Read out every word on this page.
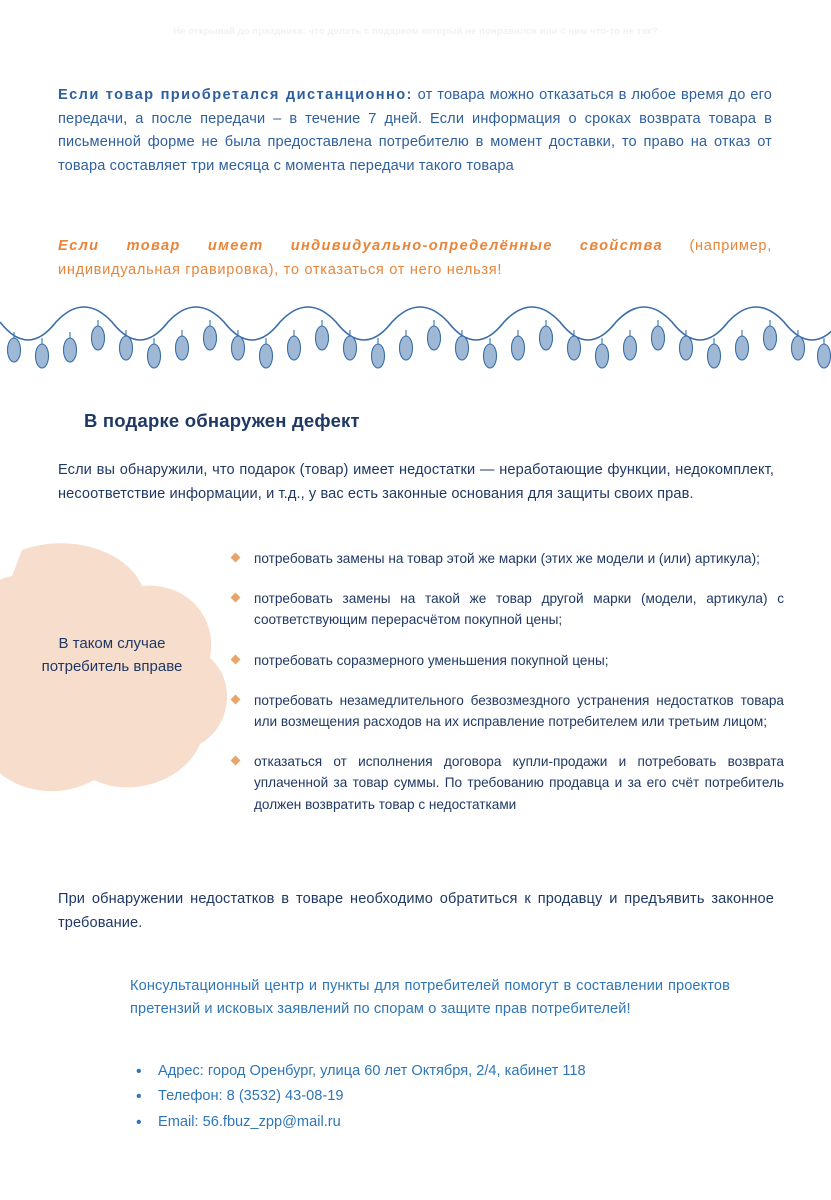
Не открывай до праздника: что делать с подарком который не понравился или с ним что-то не так?
Если товар приобретался дистанционно: от товара можно отказаться в любое время до его передачи, а после передачи – в течение 7 дней. Если информация о сроках возврата товара в письменной форме не была предоставлена потребителю в момент доставки, то право на отказ от товара составляет три месяца с момента передачи такого товара
Если товар имеет индивидуально-определённые свойства (например, индивидуальная гравировка), то отказаться от него нельзя!
В подарке обнаружен дефект
Если вы обнаружили, что подарок (товар) имеет недостатки — неработающие функции, недокомплект, несоответствие информации, и т.д., у вас есть законные основания для защиты своих прав.
В таком случае потребитель вправе
потребовать замены на товар этой же марки (этих же модели и (или) артикула);
потребовать замены на такой же товар другой марки (модели, артикула) с соответствующим перерасчётом покупной цены;
потребовать соразмерного уменьшения покупной цены;
потребовать незамедлительного безвозмездного устранения недостатков товара или возмещения расходов на их исправление потребителем или третьим лицом;
отказаться от исполнения договора купли-продажи и потребовать возврата уплаченной за товар суммы. По требованию продавца и за его счёт потребитель должен возвратить товар с недостатками
При обнаружении недостатков в товаре необходимо обратиться к продавцу и предъявить законное требование.
Консультационный центр и пункты для потребителей помогут в составлении проектов претензий и исковых заявлений по спорам о защите прав потребителей!
• Адрес: город Оренбург, улица 60 лет Октября, 2/4, кабинет 118
• Телефон: 8 (3532) 43-08-19
• Email: 56.fbuz_zpp@mail.ru
